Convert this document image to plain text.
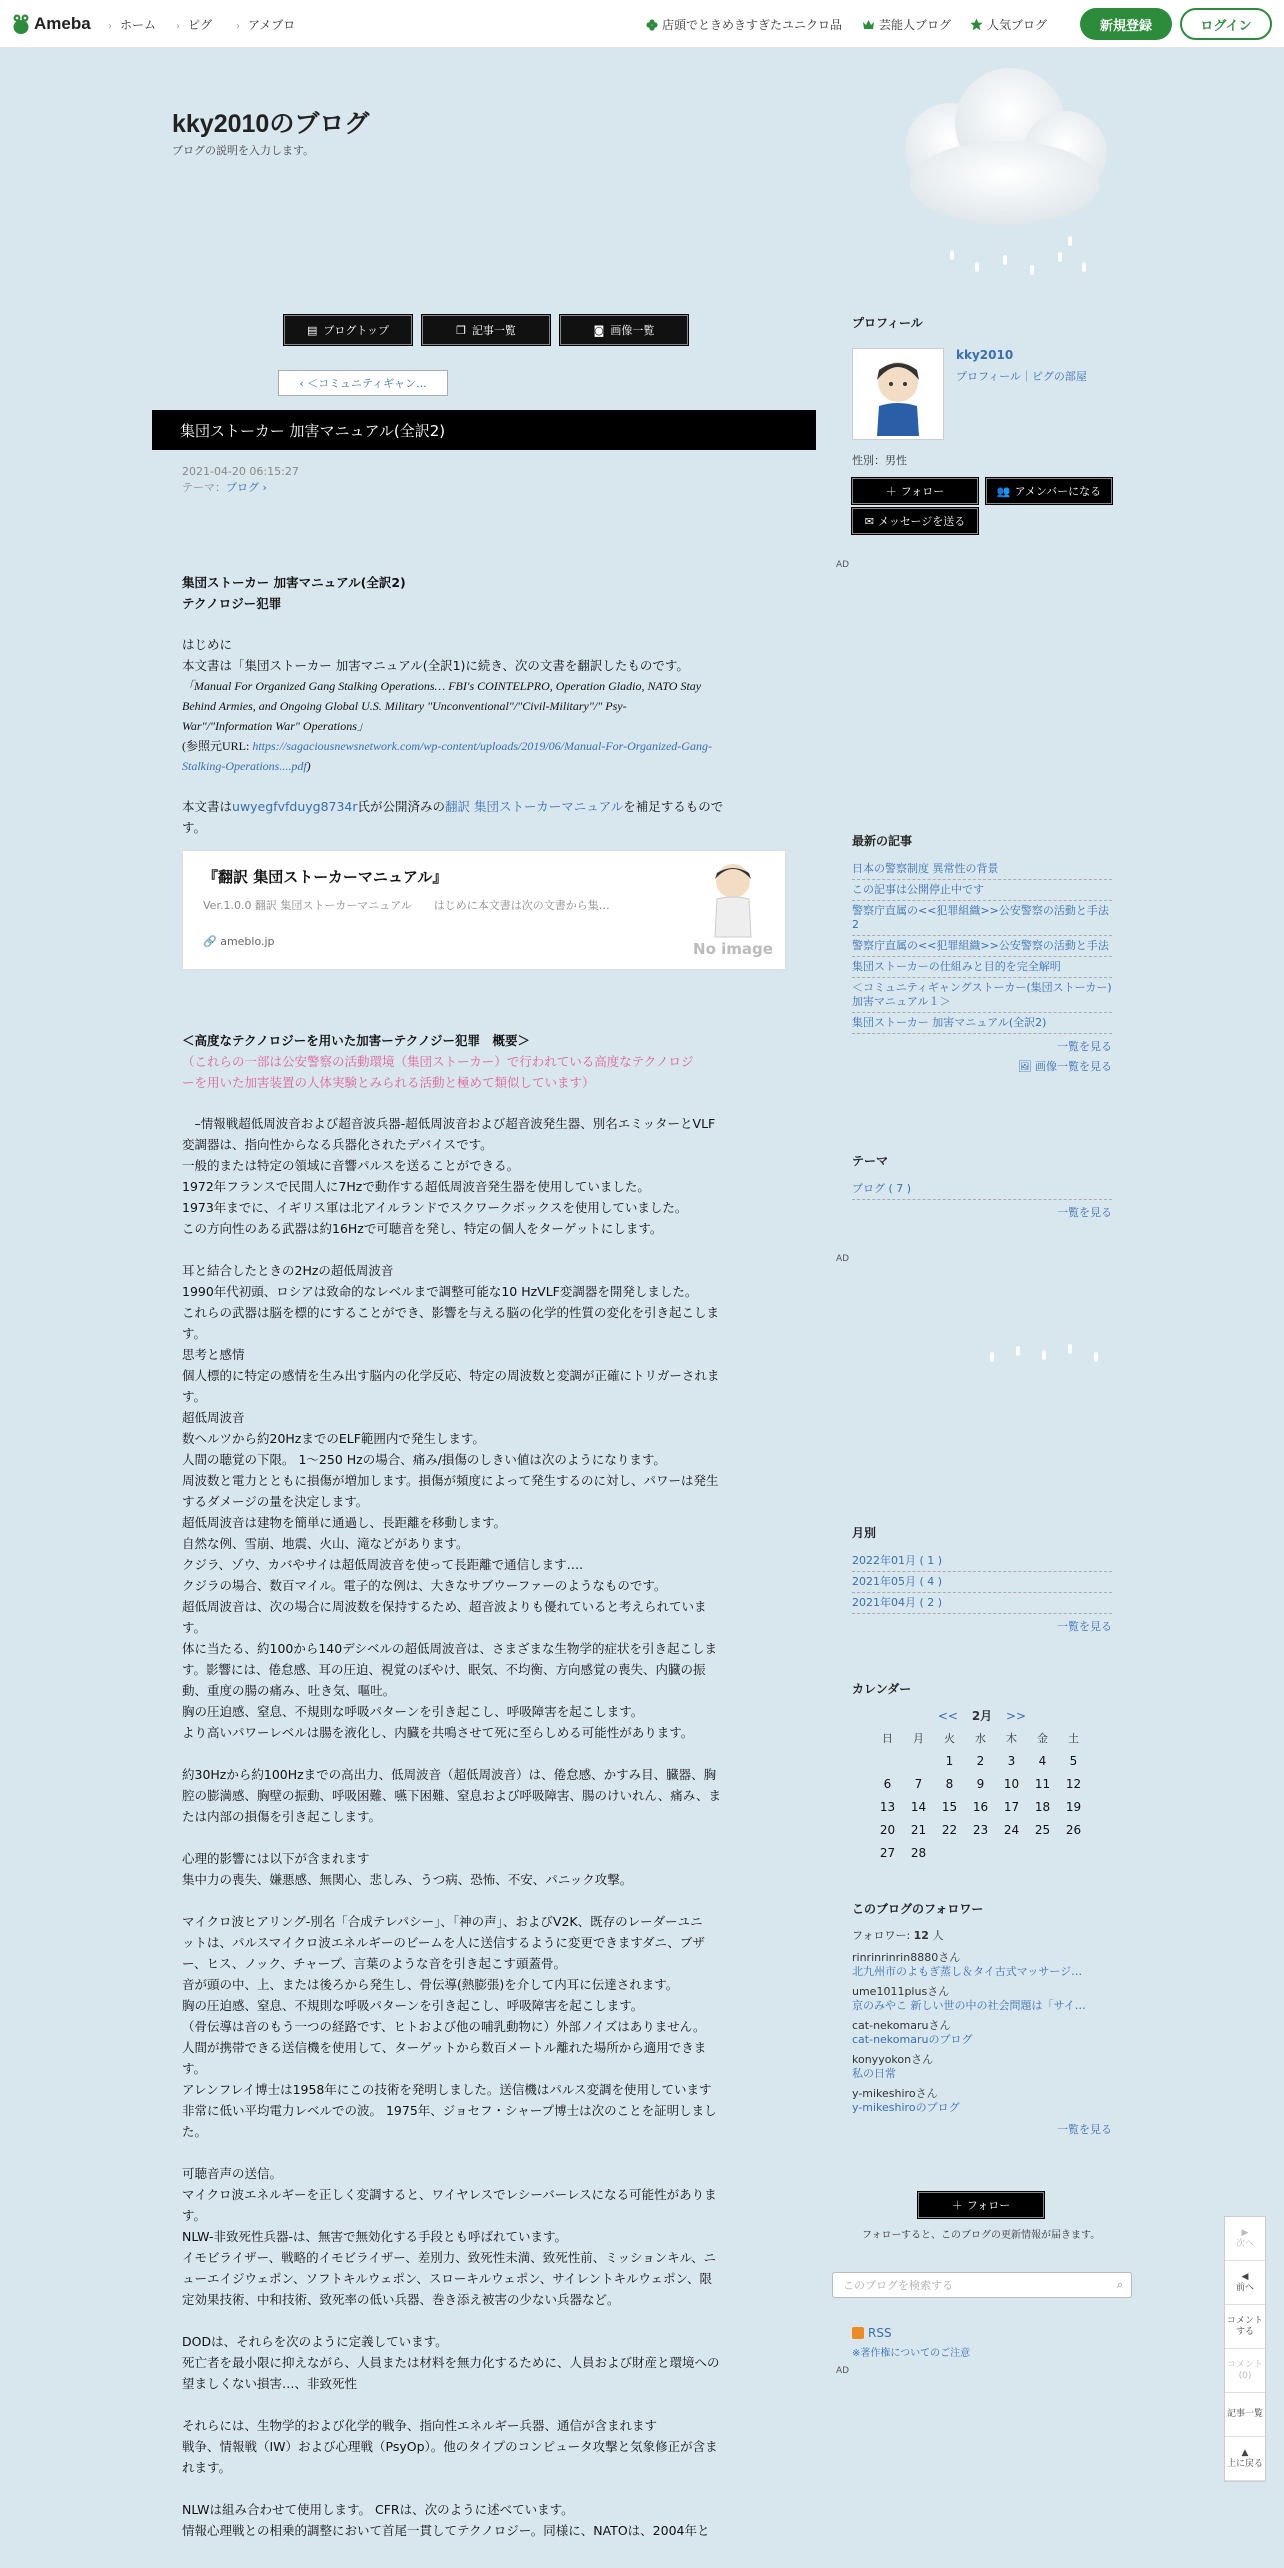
Ameba › ホーム › ピグ › アメブロ	店頭でときめきすぎたユニクロ品	芸能人ブログ	人気ブログ	新規登録	ログイン
kky2010のブログ
ブログの説明を入力します。
▤ ブログトップ	❐ 記事一覧	◙ 画像一覧
‹ ＜コミュニティギャン...
集団ストーカー 加害マニュアル(全訳2)
2021-04-20 06:15:27
テーマ：ブログ ›
集団ストーカー 加害マニュアル(全訳2)
テクノロジー犯罪
はじめに
本文書は「集団ストーカー 加害マニュアル(全訳1)に続き、次の文書を翻訳したものです。
「Manual For Organized Gang Stalking Operations… FBI's COINTELPRO, Operation Gladio, NATO Stay
Behind Armies, and Ongoing Global U.S. Military "Unconventional"/"Civil-Military"/" Psy-
War"/"Information War" Operations」
(参照元URL: https://sagaciousnewsnetwork.com/wp-content/uploads/2019/06/Manual-For-Organized-Gang-
Stalking-Operations....pdf)
本文書はuwyegfvfduyg8734r氏が公開済みの翻訳 集団ストーカーマニュアルを補足するもので
す。
『翻訳 集団ストーカーマニュアル』
Ver.1.0.0 翻訳 集団ストーカーマニュアル　　はじめに本文書は次の文書から集…
🔗 ameblo.jp	No image
＜高度なテクノロジーを用いた加害ーテクノジー犯罪　概要＞
（これらの一部は公安警察の活動環境（集団ストーカー）で行われている高度なテクノロジ
ーを用いた加害装置の人体実験とみられる活動と極めて類似しています）
　–情報戦超低周波音および超音波兵器-超低周波音および超音波発生器、別名エミッターとVLF
変調器は、指向性からなる兵器化されたデバイスです。
一般的または特定の領域に音響パルスを送ることができる。
1972年フランスで民間人に7Hzで動作する超低周波音発生器を使用していました。
1973年までに、イギリス軍は北アイルランドでスクワークボックスを使用していました。
この方向性のある武器は約16Hzで可聴音を発し、特定の個人をターゲットにします。
耳と結合したときの2Hzの超低周波音
1990年代初頭、ロシアは致命的なレベルまで調整可能な10 HzVLF変調器を開発しました。
これらの武器は脳を標的にすることができ、影響を与える脳の化学的性質の変化を引き起こしま
す。
思考と感情
個人標的に特定の感情を生み出す脳内の化学反応、特定の周波数と変調が正確にトリガーされま
す。
超低周波音
数ヘルツから約20HzまでのELF範囲内で発生します。
人間の聴覚の下限。 1〜250 Hzの場合、痛み/損傷のしきい値は次のようになります。
周波数と電力とともに損傷が増加します。損傷が頻度によって発生するのに対し、パワーは発生
するダメージの量を決定します。
超低周波音は建物を簡単に通過し、長距離を移動します。
自然な例、雪崩、地震、火山、滝などがあります。
クジラ、ゾウ、カバやサイは超低周波音を使って長距離で通信します….
クジラの場合、数百マイル。電子的な例は、大きなサブウーファーのようなものです。
超低周波音は、次の場合に周波数を保持するため、超音波よりも優れていると考えられていま
す。
体に当たる、約100から140デシベルの超低周波音は、さまざまな生物学的症状を引き起こしま
す。影響には、倦怠感、耳の圧迫、視覚のぼやけ、眠気、不均衡、方向感覚の喪失、内臓の振
動、重度の腸の痛み、吐き気、嘔吐。
胸の圧迫感、窒息、不規則な呼吸パターンを引き起こし、呼吸障害を起こします。
より高いパワーレベルは腸を液化し、内臓を共鳴させて死に至らしめる可能性があります。
約30Hzから約100Hzまでの高出力、低周波音（超低周波音）は、倦怠感、かすみ目、臓器、胸
腔の膨満感、胸壁の振動、呼吸困難、嚥下困難、窒息および呼吸障害、腸のけいれん、痛み、ま
たは内部の損傷を引き起こします。
心理的影響には以下が含まれます
集中力の喪失、嫌悪感、無関心、悲しみ、うつ病、恐怖、不安、パニック攻撃。
マイクロ波ヒアリング-別名「合成テレパシー」、「神の声」、およびV2K、既存のレーダーユニ
ットは、パルスマイクロ波エネルギーのビームを人に送信するように変更できますダニ、ブザ
ー、ヒス、ノック、チャープ、言葉のような音を引き起こす頭蓋骨。
音が頭の中、上、または後ろから発生し、骨伝導(熱膨張)を介して内耳に伝達されます。
胸の圧迫感、窒息、不規則な呼吸パターンを引き起こし、呼吸障害を起こします。
（骨伝導は音のもう一つの経路です、ヒトおよび他の哺乳動物に）外部ノイズはありません。
人間が携帯できる送信機を使用して、ターゲットから数百メートル離れた場所から適用できま
す。
アレンフレイ博士は1958年にこの技術を発明しました。送信機はパルス変調を使用しています
非常に低い平均電力レベルでの波。 1975年、ジョセフ・シャープ博士は次のことを証明しまし
た。
可聴音声の送信。
マイクロ波エネルギーを正しく変調すると、ワイヤレスでレシーバーレスになる可能性がありま
す。
NLW-非致死性兵器-は、無害で無効化する手段とも呼ばれています。
イモビライザー、戦略的イモビライザー、差別力、致死性未満、致死性前、ミッションキル、ニ
ューエイジウェポン、ソフトキルウェポン、スローキルウェポン、サイレントキルウェポン、限
定効果技術、中和技術、致死率の低い兵器、巻き添え被害の少ない兵器など。
DODは、それらを次のように定義しています。
死亡者を最小限に抑えながら、人員または材料を無力化するために、人員および財産と環境への
望ましくない損害…、非致死性
それらには、生物学的および化学的戦争、指向性エネルギー兵器、通信が含まれます
戦争、情報戦（IW）および心理戦（PsyOp）。他のタイプのコンピュータ攻撃と気象修正が含ま
れます。
NLWは組み合わせて使用します。 CFRは、次のように述べています。
情報心理戦との相乗的調整において首尾一貫してテクノロジー。同様に、NATOは、2004年と

AD
AD
AD
プロフィール
kky2010
プロフィール｜ピグの部屋
性別：男性
＋ フォロー	👥 アメンバーになる
✉ メッセージを送る
最新の記事
日本の警察制度 異常性の背景
この記事は公開停止中です
警察庁直属の<<犯罪組織>>公安警察の活動と手法2
警察庁直属の<<犯罪組織>>公安警察の活動と手法
集団ストーカーの仕組みと目的を完全解明
＜コミュニティギャングストーカー(集団ストーカー)加害マニュアル１＞
集団ストーカー 加害マニュアル(全訳2)
一覧を見る
🖼 画像一覧を見る
テーマ
ブログ ( 7 )
一覧を見る
月別
2022年01月 ( 1 )
2021年05月 ( 4 )
2021年04月 ( 2 )
一覧を見る
カレンダー
<< 2月 >>
日	月	火	水	木	金	土
		1	2	3	4	5
6	7	8	9	10	11	12
13	14	15	16	17	18	19
20	21	22	23	24	25	26
27	28					
このブログのフォロワー
フォロワー: 12 人
rinrinrinrin8880さん
北九州市のよもぎ蒸し＆タイ古式マッサージ…
ume1011plusさん
京のみやこ 新しい世の中の社会問題は「サイ…
cat-nekomaruさん
cat-nekomaruのブログ
konyyokonさん
私の日常
y-mikeshiroさん
y-mikeshiroのブログ
一覧を見る
＋ フォロー
フォローすると、このブログの更新情報が届きます。
このブログを検索する	⌕
RSS
※著作権についてのご注意
▶
次へ
◀
前へ
コメントする
コメント(0)
記事一覧
▲
上に戻る
